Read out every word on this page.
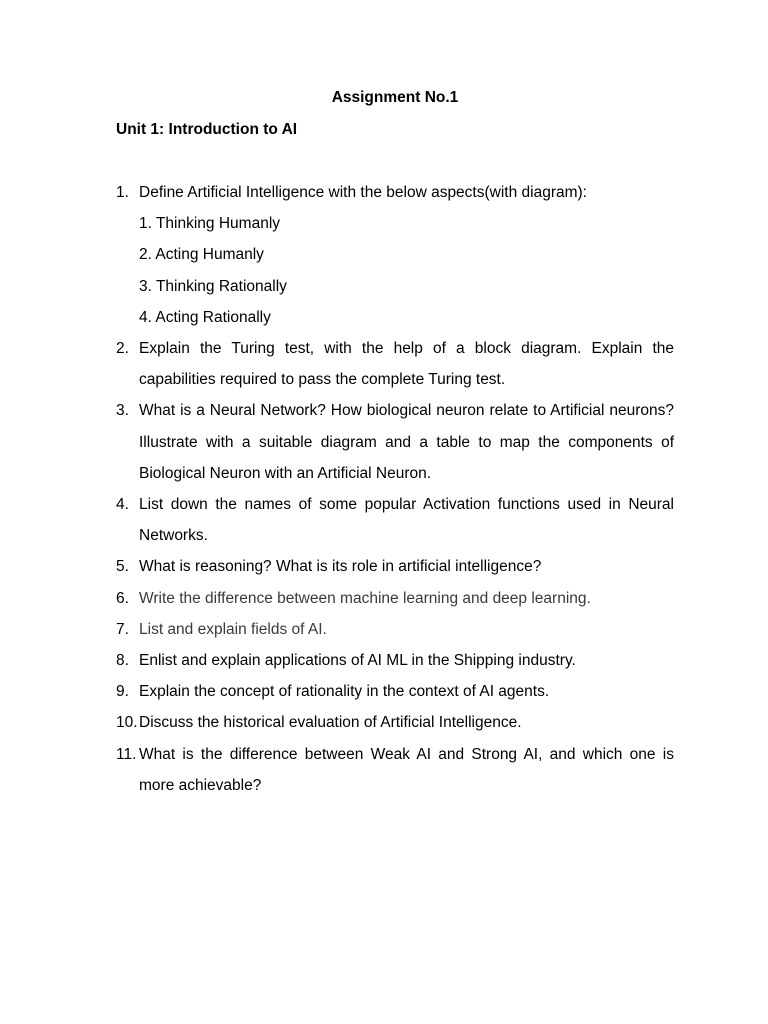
Assignment No.1
Unit 1: Introduction to AI
1. Define Artificial Intelligence with the below aspects(with diagram):
1. Thinking Humanly
2. Acting Humanly
3. Thinking Rationally
4. Acting Rationally
2. Explain the Turing test, with the help of a block diagram. Explain the capabilities required to pass the complete Turing test.
3. What is a Neural Network? How biological neuron relate to Artificial neurons? Illustrate with a suitable diagram and a table to map the components of Biological Neuron with an Artificial Neuron.
4. List down the names of some popular Activation functions used in Neural Networks.
5. What is reasoning? What is its role in artificial intelligence?
6. Write the difference between machine learning and deep learning.
7. List and explain fields of AI.
8. Enlist and explain applications of AI ML in the Shipping industry.
9. Explain the concept of rationality in the context of AI agents.
10. Discuss the historical evaluation of Artificial Intelligence.
11. What is the difference between Weak AI and Strong AI, and which one is more achievable?
